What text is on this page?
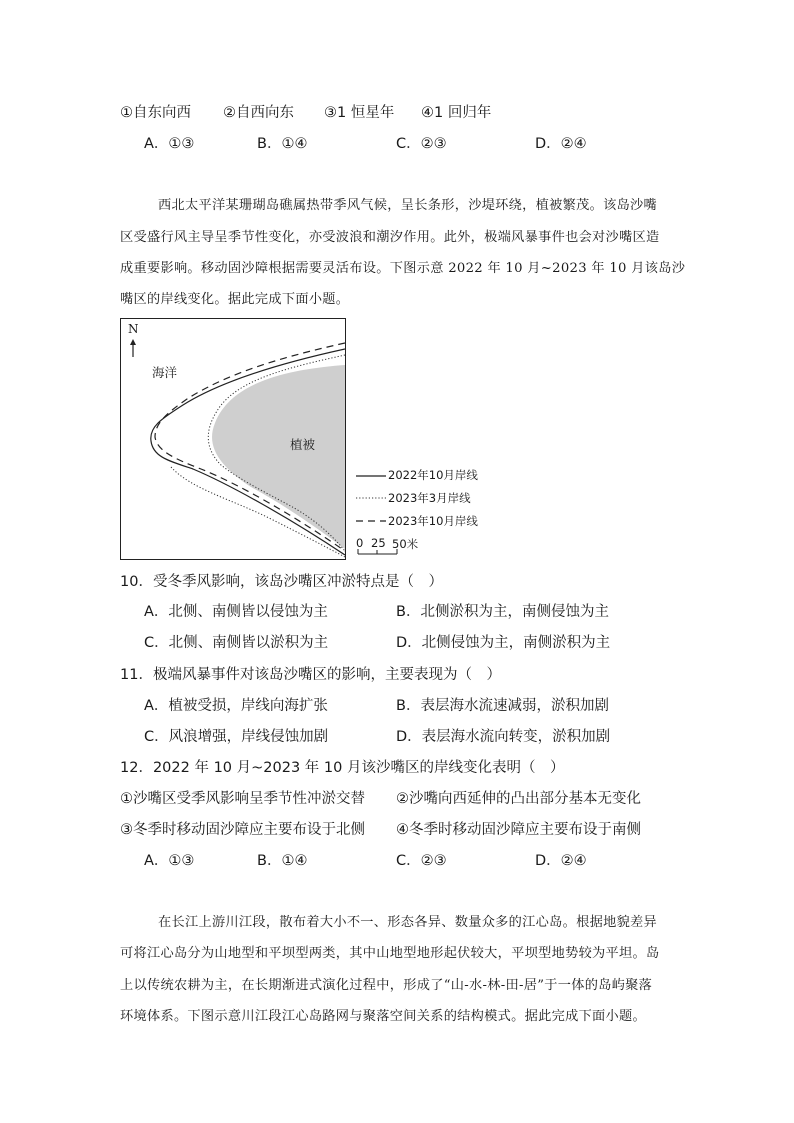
①自东向西 ②自西向东 ③1 恒星年 ④1 回归年
A．①③	B．①④	C．②③	D．②④
西北太平洋某珊瑚岛礁属热带季风气候，呈长条形，沙堤环绕，植被繁茂。该岛沙嘴
区受盛行风主导呈季节性变化，亦受波浪和潮汐作用。此外，极端风暴事件也会对沙嘴区造
成重要影响。移动固沙障根据需要灵活布设。下图示意 2022 年 10 月~2023 年 10 月该岛沙
嘴区的岸线变化。据此完成下面小题。
N
海洋
植被
2022年10月岸线
2023年3月岸线
2023年10月岸线
0 25 50米
10．受冬季风影响，该岛沙嘴区冲淤特点是（　）
A．北侧、南侧皆以侵蚀为主	B．北侧淤积为主，南侧侵蚀为主
C．北侧、南侧皆以淤积为主	D．北侧侵蚀为主，南侧淤积为主
11．极端风暴事件对该岛沙嘴区的影响，主要表现为（　）
A．植被受损，岸线向海扩张	B．表层海水流速减弱，淤积加剧
C．风浪增强，岸线侵蚀加剧	D．表层海水流向转变，淤积加剧
12．2022 年 10 月~2023 年 10 月该沙嘴区的岸线变化表明（　）
①沙嘴区受季风影响呈季节性冲淤交替 ②沙嘴向西延伸的凸出部分基本无变化
③冬季时移动固沙障应主要布设于北侧 ④冬季时移动固沙障应主要布设于南侧
A．①③	B．①④	C．②③	D．②④
在长江上游川江段，散布着大小不一、形态各异、数量众多的江心岛。根据地貌差异
可将江心岛分为山地型和平坝型两类，其中山地型地形起伏较大，平坝型地势较为平坦。岛
上以传统农耕为主，在长期渐进式演化过程中，形成了“山-水-林-田-居”于一体的岛屿聚落
环境体系。下图示意川江段江心岛路网与聚落空间关系的结构模式。据此完成下面小题。
